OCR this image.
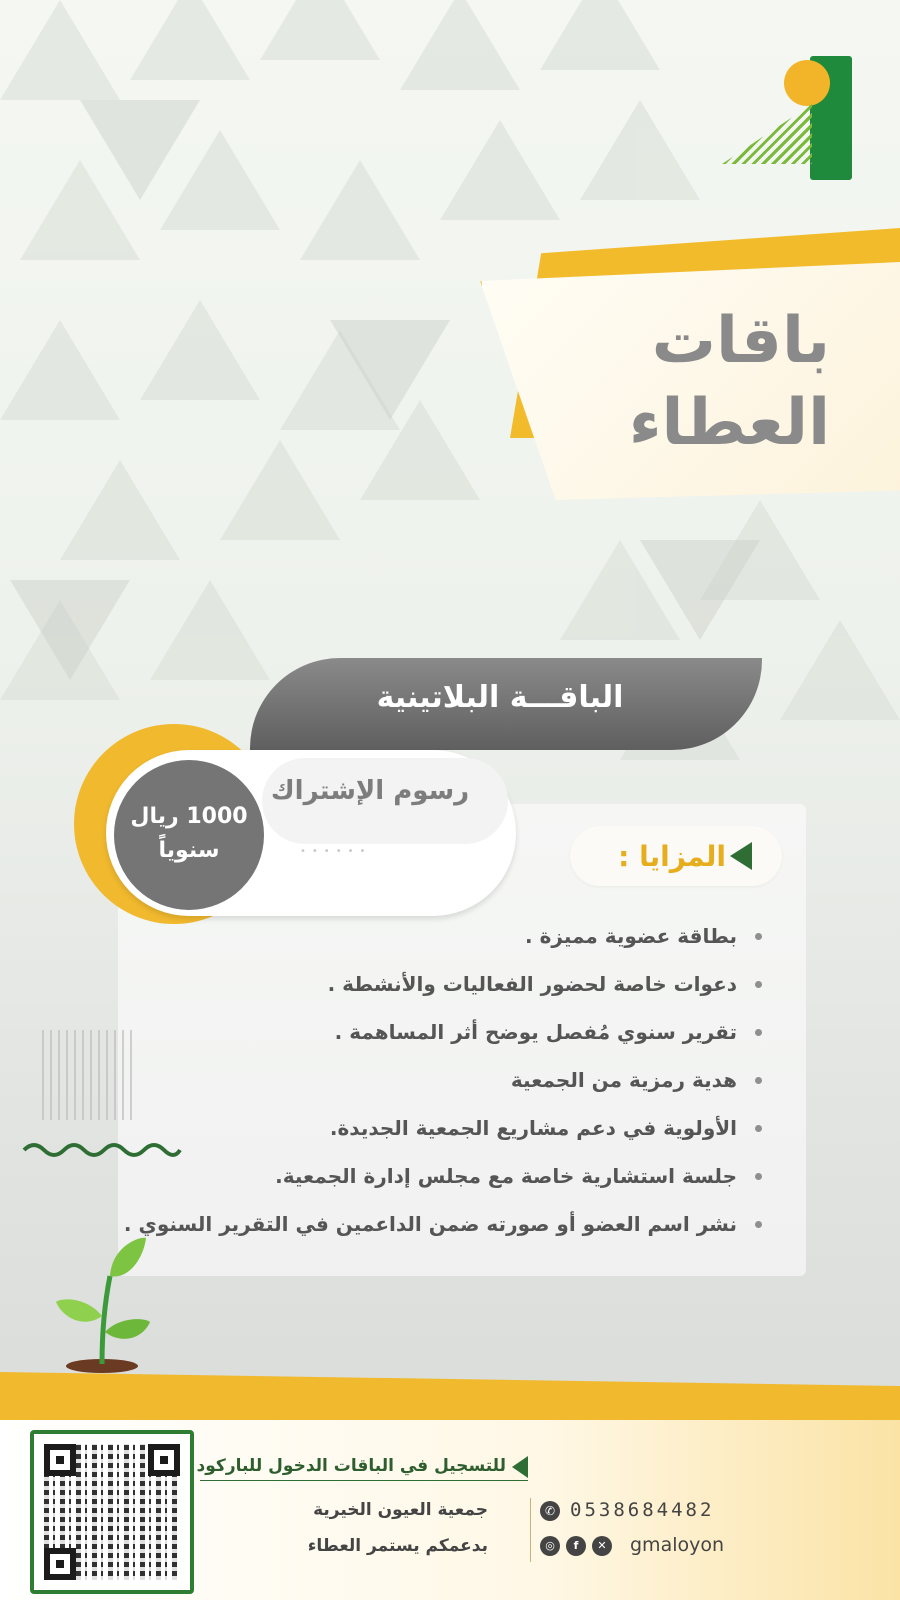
باقات
العطاء
الباقـــة البلاتينية
رسوم الإشتراك
••••••
1000 ريال
سنوياً	المزايا :
بطاقة عضوية مميزة .
دعوات خاصة لحضور الفعاليات والأنشطة .
تقرير سنوي مُفصل يوضح أثر المساهمة .
هدية رمزية من الجمعية
الأولوية في دعم مشاريع الجمعية الجديدة.
جلسة استشارية خاصة مع مجلس إدارة الجمعية.
نشر اسم العضو أو صورته ضمن الداعمين في التقرير السنوي .
للتسجيل في الباقات الدخول للباركود
جمعية العيون الخيرية
بدعمكم يستمر العطاء
✆ 0538684482
◎	f	✕ gmaloyon
